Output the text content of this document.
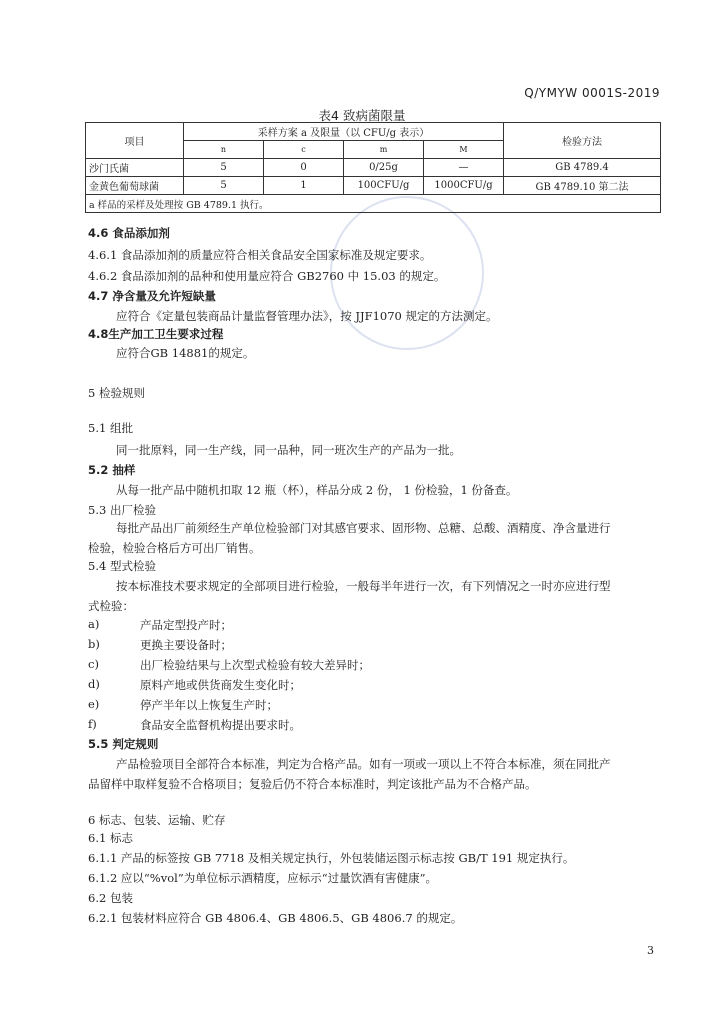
Q/YMYW 0001S-2019
表4 致病菌限量
项目	采样方案 a 及限量（以 CFU/g 表示）				检验方法
	n	c	m	M	
沙门氏菌	5	0	0/25g	—	GB 4789.4
金黄色葡萄球菌	5	1	100CFU/g	1000CFU/g	GB 4789.10 第二法
a 样品的采样及处理按 GB 4789.1 执行。					
4.6 食品添加剂
4.6.1 食品添加剂的质量应符合相关食品安全国家标准及规定要求。
4.6.2 食品添加剂的品种和使用量应符合 GB2760 中 15.03 的规定。
4.7 净含量及允许短缺量
应符合《定量包装商品计量监督管理办法》，按 JJF1070 规定的方法测定。
4.8生产加工卫生要求过程
应符合GB 14881的规定。
5 检验规则
5.1 组批
同一批原料，同一生产线，同一品种，同一班次生产的产品为一批。
5.2 抽样
从每一批产品中随机扣取 12 瓶（杯），样品分成 2 份， 1 份检验，1 份备查。
5.3 出厂检验
每批产品出厂前须经生产单位检验部门对其感官要求、固形物、总糖、总酸、酒精度、净含量进行
检验，检验合格后方可出厂销售。
5.4 型式检验
按本标准技术要求规定的全部项目进行检验，一般每半年进行一次，有下列情况之一时亦应进行型
式检验：
a)	产品定型投产时；
b)	更换主要设备时；
c)	出厂检验结果与上次型式检验有较大差异时；
d)	原料产地或供货商发生变化时；
e)	停产半年以上恢复生产时；
f)	食品安全监督机构提出要求时。
5.5 判定规则
产品检验项目全部符合本标准，判定为合格产品。如有一项或一项以上不符合本标准，须在同批产
品留样中取样复验不合格项目；复验后仍不符合本标准时，判定该批产品为不合格产品。
6 标志、包装、运输、贮存
6.1 标志
6.1.1 产品的标签按 GB 7718 及相关规定执行，外包装储运图示标志按 GB/T 191 规定执行。
6.1.2 应以“%vol”为单位标示酒精度，应标示“过量饮酒有害健康”。
6.2 包装
6.2.1 包装材料应符合 GB 4806.4、GB 4806.5、GB 4806.7 的规定。
3
